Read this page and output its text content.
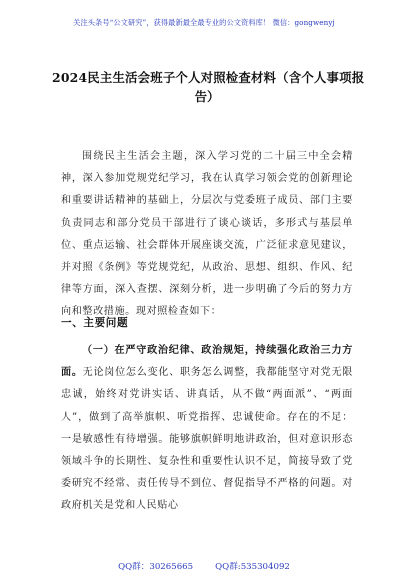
关注头条号“公文研究”，获得最新最全最专业的公文资料库！ 微信：gongwenyj
2024民主生活会班子个人对照检查材料（含个人事项报
告）
围绕民主生活会主题，深入学习党的二十届三中全会精神，深入参加党规党纪学习，我在认真学习领会党的创新理论和重要讲话精神的基础上，分层次与党委班子成员、部门主要负责同志和部分党员干部进行了谈心谈话，多形式与基层单位、重点运输、社会群体开展座谈交流，广泛征求意见建议，并对照《条例》等党规党纪，从政治、思想、组织、作风、纪律等方面，深入查摆、深刻分析，进一步明确了今后的努力方向和整改措施。现对照检查如下：
一、主要问题
（一）在严守政治纪律、政治规矩，持续强化政治三力方面。无论岗位怎么变化、职务怎么调整，我都能坚守对党无限忠诚，始终对党讲实话、讲真话，从不做“两面派”、“两面人”，做到了高举旗帜、听党指挥、忠诚使命。存在的不足：一是敏感性有待增强。能够旗帜鲜明地讲政治，但对意识形态领域斗争的长期性、复杂性和重要性认识不足，简接导致了党委研究不经常、责任传导不到位、督促指导不严格的问题。对政府机关是党和人民贴心
QQ群：30265665	QQ群:535304092
